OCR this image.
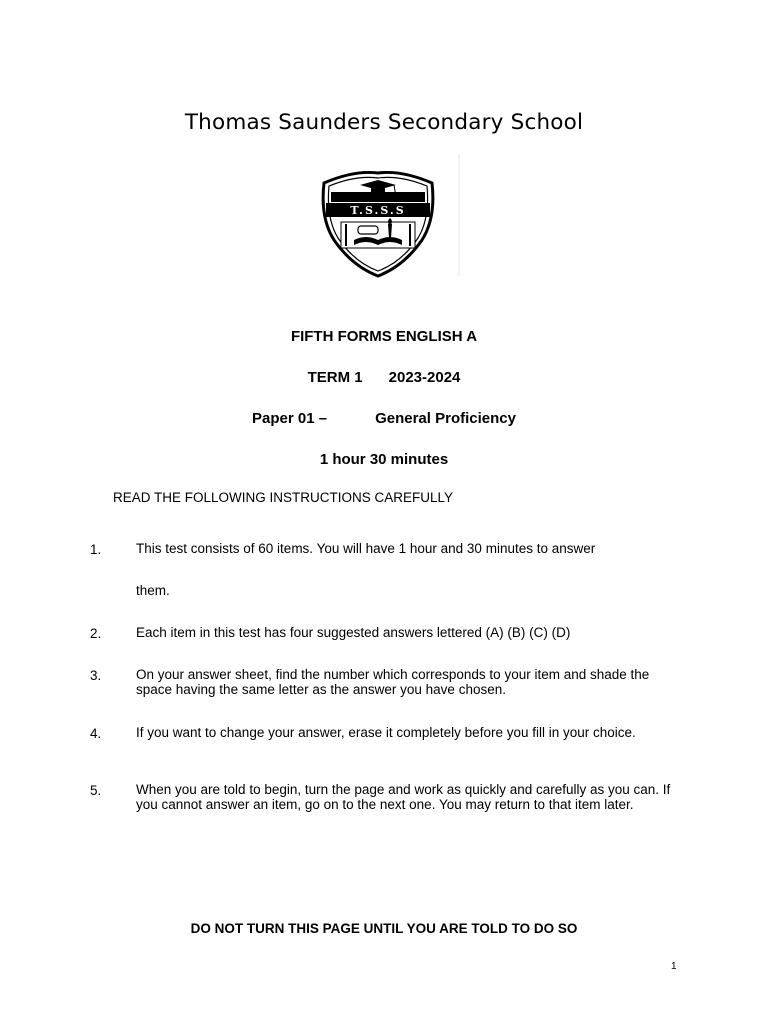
Thomas Saunders Secondary School
T.S.S.S
FIFTH FORMS ENGLISH A
TERM 1 2023-2024
Paper 01 –	General Proficiency
1 hour 30 minutes
READ THE FOLLOWING INSTRUCTIONS CAREFULLY
1.	This test consists of 60 items. You will have 1 hour and 30 minutes to answer
them.
2.	Each item in this test has four suggested answers lettered (A) (B) (C) (D)
3.	On your answer sheet, find the number which corresponds to your item and shade the space having the same letter as the answer you have chosen.
4.	If you want to change your answer, erase it completely before you fill in your choice.
5.	When you are told to begin, turn the page and work as quickly and carefully as you can. If you cannot answer an item, go on to the next one. You may return to that item later.
DO NOT TURN THIS PAGE UNTIL YOU ARE TOLD TO DO SO
1
